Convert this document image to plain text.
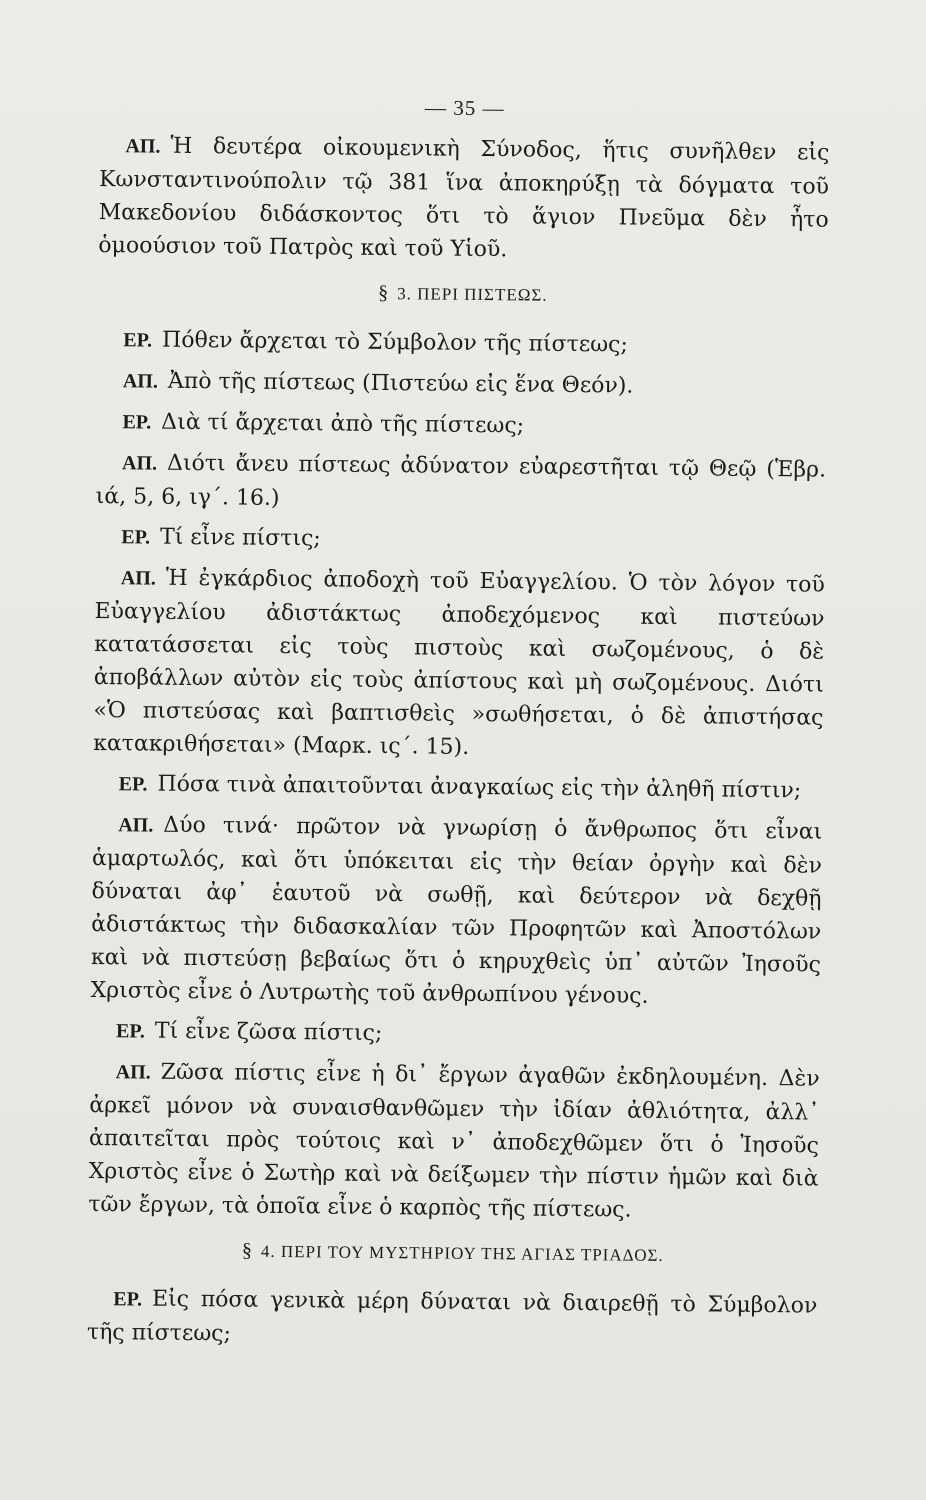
— 35 —

ΑΠ. Ἡ δευτέρα οἰκουμενικὴ Σύνοδος, ἥτις συνῆλθεν εἰς Κωνσταντινούπολιν τῷ 381 ἵνα ἀποκηρύξῃ τὰ δόγματα τοῦ Μακεδονίου διδάσκοντος ὅτι τὸ ἅγιον Πνεῦμα δὲν ἦτο ὁμοούσιον τοῦ Πατρὸς καὶ τοῦ Υἱοῦ.

§ 3. ΠΕΡΙ ΠΙΣΤΕΩΣ.

ΕΡ. Πόθεν ἄρχεται τὸ Σύμβολον τῆς πίστεως;

ΑΠ. Ἀπὸ τῆς πίστεως (Πιστεύω εἰς ἕνα Θεόν).

ΕΡ. Διὰ τί ἄρχεται ἀπὸ τῆς πίστεως;

ΑΠ. Διότι ἄνευ πίστεως ἀδύνατον εὐαρεστῆται τῷ Θεῷ (Ἑβρ. ιά, 5, 6, ιγ΄. 16.)

ΕΡ. Τί εἶνε πίστις;

ΑΠ. Ἡ ἐγκάρδιος ἀποδοχὴ τοῦ Εὐαγγελίου. Ὁ τὸν λόγον τοῦ Εὐαγγελίου ἀδιστάκτως ἀποδεχόμενος καὶ πιστεύων κατατάσσεται εἰς τοὺς πιστοὺς καὶ σωζομένους, ὁ δὲ ἀποβάλλων αὐτὸν εἰς τοὺς ἀπίστους καὶ μὴ σωζομένους. Διότι «Ὁ πιστεύσας καὶ βαπτισθεὶς »σωθήσεται, ὁ δὲ ἀπιστήσας κατακριθήσεται» (Μαρκ. ις΄. 15).

ΕΡ. Πόσα τινὰ ἀπαιτοῦνται ἀναγκαίως εἰς τὴν ἀληθῆ πίστιν;

ΑΠ. Δύο τινά· πρῶτον νὰ γνωρίσῃ ὁ ἄνθρωπος ὅτι εἶναι ἁμαρτωλός, καὶ ὅτι ὑπόκειται εἰς τὴν θείαν ὀργὴν καὶ δὲν δύναται ἀφ᾿ ἑαυτοῦ νὰ σωθῇ, καὶ δεύτερον νὰ δεχθῇ ἀδιστάκτως τὴν διδασκαλίαν τῶν Προφητῶν καὶ Ἀποστόλων καὶ νὰ πιστεύσῃ βεβαίως ὅτι ὁ κηρυχθεὶς ὑπ᾿ αὐτῶν Ἰησοῦς Χριστὸς εἶνε ὁ Λυτρωτὴς τοῦ ἀνθρωπίνου γένους.

ΕΡ. Τί εἶνε ζῶσα πίστις;

ΑΠ. Ζῶσα πίστις εἶνε ἡ δι᾿ ἔργων ἀγαθῶν ἐκδηλουμένη. Δὲν ἀρκεῖ μόνον νὰ συναισθανθῶμεν τὴν ἰδίαν ἀθλιότητα, ἀλλ᾿ ἀπαιτεῖται πρὸς τούτοις καὶ ν᾿ ἀποδεχθῶμεν ὅτι ὁ Ἰησοῦς Χριστὸς εἶνε ὁ Σωτὴρ καὶ νὰ δείξωμεν τὴν πίστιν ἡμῶν καὶ διὰ τῶν ἔργων, τὰ ὁποῖα εἶνε ὁ καρπὸς τῆς πίστεως.

§ 4. ΠΕΡΙ ΤΟΥ ΜΥΣΤΗΡΙΟΥ ΤΗΣ ΑΓΙΑΣ ΤΡΙΑΔΟΣ.

ΕΡ. Εἰς πόσα γενικὰ μέρη δύναται νὰ διαιρεθῇ τὸ Σύμβολον τῆς πίστεως;
